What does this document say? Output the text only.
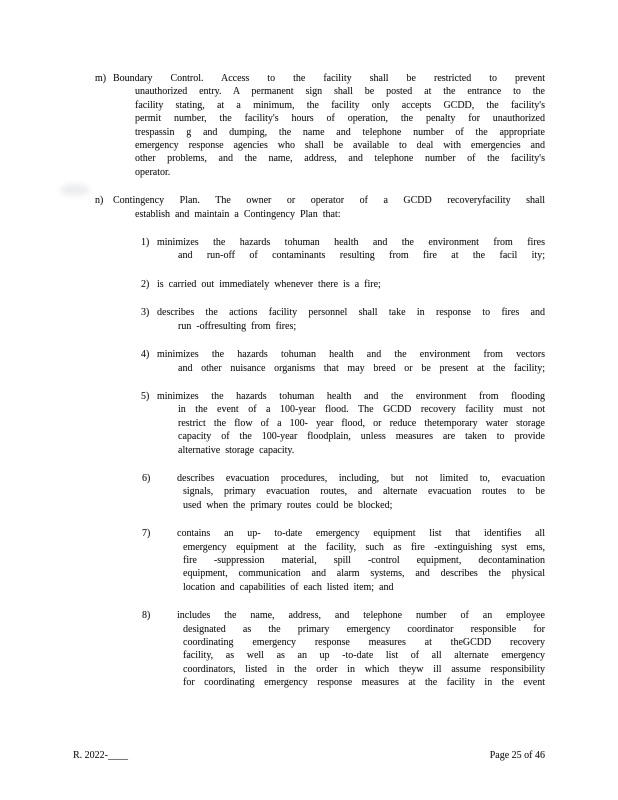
m) Boundary Control. Access to the facility shall be restricted to prevent
unauthorized entry. A permanent sign shall be posted at the entrance to the
facility stating, at a minimum, the facility only accepts GCDD, the facility's
permit number, the facility's hours of operation, the penalty for unauthorized
trespassin g and dumping, the name and telephone number of the appropriate
emergency response agencies who shall be available to deal with emergencies and
other problems, and the name, address, and telephone number of the facility's
operator.
n) Contingency Plan. The owner or operator of a GCDD recoveryfacility shall
establish and maintain a Contingency Plan that:
1) minimizes the hazards tohuman health and the environment from fires
and run-off of contaminants resulting from fire at the facil ity;
2) is carried out immediately whenever there is a fire;
3) describes the actions facility personnel shall take in response to fires and
run -offresulting from fires;
4) minimizes the hazards tohuman health and the environment from vectors
and other nuisance organisms that may breed or be present at the facility;
5) minimizes the hazards tohuman health and the environment from flooding
in the event of a 100-year flood. The GCDD recovery facility must not
restrict the flow of a 100- year flood, or reduce thetemporary water storage
capacity of the 100-year floodplain, unless measures are taken to provide
alternative storage capacity.
6)	describes evacuation procedures, including, but not limited to, evacuation
signals, primary evacuation routes, and alternate evacuation routes to be
used when the primary routes could be blocked;
7)	contains an up- to-date emergency equipment list that identifies all
emergency equipment at the facility, such as fire -extinguishing syst ems,
fire -suppression material, spill -control equipment, decontamination
equipment, communication and alarm systems, and describes the physical
location and capabilities of each listed item; and
8)	includes the name, address, and telephone number of an employee
designated as the primary emergency coordinator responsible for
coordinating emergency response measures at theGCDD recovery
facility, as well as an up -to-date list of all alternate emergency
coordinators, listed in the order in which theyw ill assume responsibility
for coordinating emergency response measures at the facility in the event
R. 2022-____	Page 25 of 46
